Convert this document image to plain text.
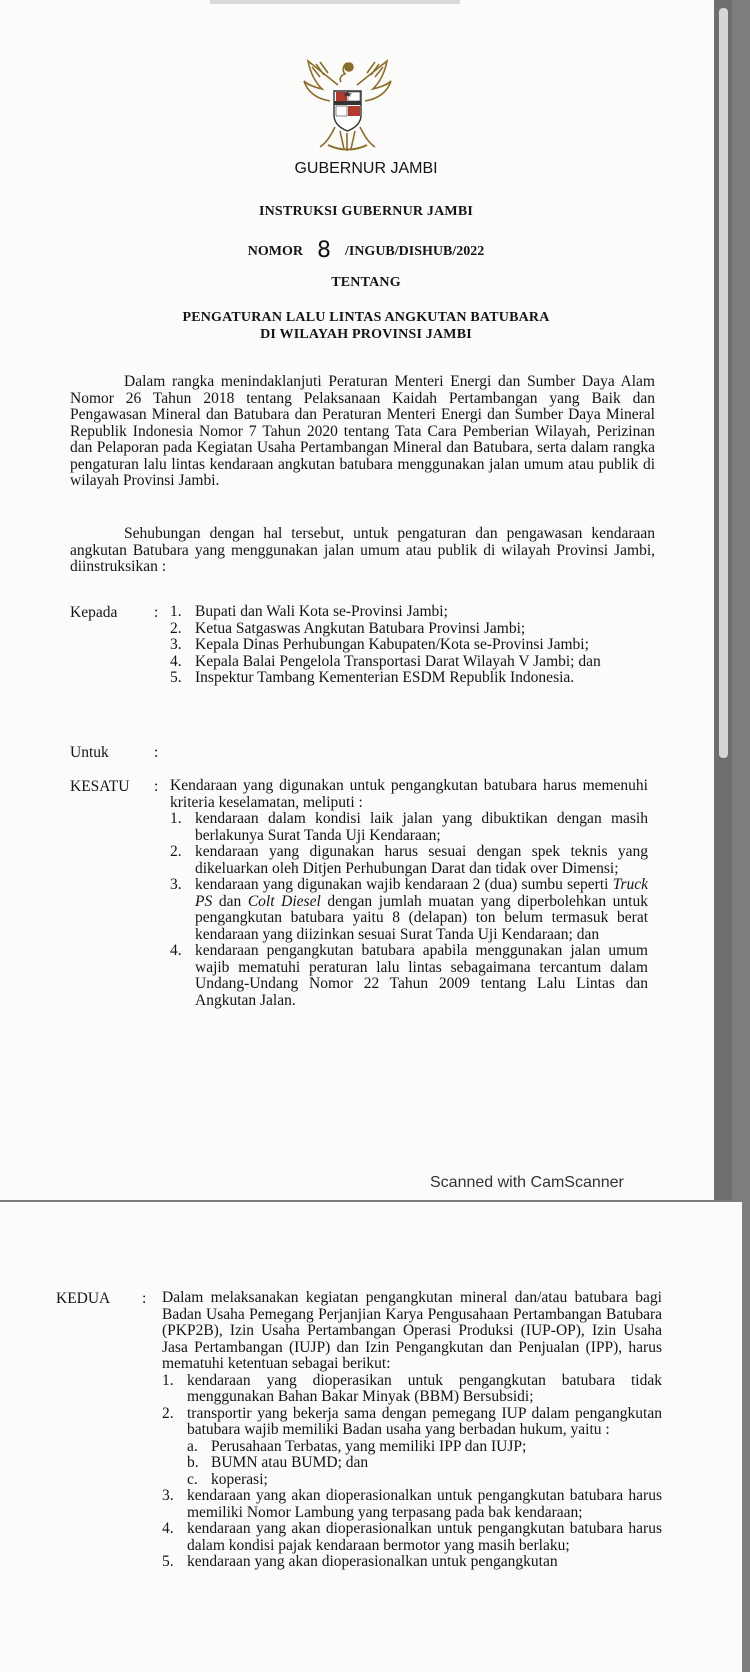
GUBERNUR JAMBI
INSTRUKSI GUBERNUR JAMBI
NOMOR 8 /INGUB/DISHUB/2022
TENTANG
PENGATURAN LALU LINTAS ANGKUTAN BATUBARA
DI WILAYAH PROVINSI JAMBI

Dalam rangka menindaklanjuti Peraturan Menteri Energi dan Sumber Daya Alam Nomor 26 Tahun 2018 tentang Pelaksanaan Kaidah Pertambangan yang Baik dan Pengawasan Mineral dan Batubara dan Peraturan Menteri Energi dan Sumber Daya Mineral Republik Indonesia Nomor 7 Tahun 2020 tentang Tata Cara Pemberian Wilayah, Perizinan dan Pelaporan pada Kegiatan Usaha Pertambangan Mineral dan Batubara, serta dalam rangka pengaturan lalu lintas kendaraan angkutan batubara menggunakan jalan umum atau publik di wilayah Provinsi Jambi.

Sehubungan dengan hal tersebut, untuk pengaturan dan pengawasan kendaraan angkutan Batubara yang menggunakan jalan umum atau publik di wilayah Provinsi Jambi, diinstruksikan :

Kepada : 1. Bupati dan Wali Kota se-Provinsi Jambi;
2. Ketua Satgaswas Angkutan Batubara Provinsi Jambi;
3. Kepala Dinas Perhubungan Kabupaten/Kota se-Provinsi Jambi;
4. Kepala Balai Pengelola Transportasi Darat Wilayah V Jambi; dan
5. Inspektur Tambang Kementerian ESDM Republik Indonesia.
Untuk	:
KESATU : Kendaraan yang digunakan untuk pengangkutan batubara harus memenuhi kriteria keselamatan, meliputi :
1. kendaraan dalam kondisi laik jalan yang dibuktikan dengan masih berlakunya Surat Tanda Uji Kendaraan;
2. kendaraan yang digunakan harus sesuai dengan spek teknis yang dikeluarkan oleh Ditjen Perhubungan Darat dan tidak over Dimensi;
3. kendaraan yang digunakan wajib kendaraan 2 (dua) sumbu seperti Truck PS dan Colt Diesel dengan jumlah muatan yang diperbolehkan untuk pengangkutan batubara yaitu 8 (delapan) ton belum termasuk berat kendaraan yang diizinkan sesuai Surat Tanda Uji Kendaraan; dan
4. kendaraan pengangkutan batubara apabila menggunakan jalan umum wajib mematuhi peraturan lalu lintas sebagaimana tercantum dalam Undang-Undang Nomor 22 Tahun 2009 tentang Lalu Lintas dan Angkutan Jalan.
Scanned with CamScanner
KEDUA : Dalam melaksanakan kegiatan pengangkutan mineral dan/atau batubara bagi Badan Usaha Pemegang Perjanjian Karya Pengusahaan Pertambangan Batubara (PKP2B), Izin Usaha Pertambangan Operasi Produksi (IUP-OP), Izin Usaha Jasa Pertambangan (IUJP) dan Izin Pengangkutan dan Penjualan (IPP), harus mematuhi ketentuan sebagai berikut:
1. kendaraan yang dioperasikan untuk pengangkutan batubara tidak menggunakan Bahan Bakar Minyak (BBM) Bersubsidi;
2. transportir yang bekerja sama dengan pemegang IUP dalam pengangkutan batubara wajib memiliki Badan usaha yang berbadan hukum, yaitu :
a. Perusahaan Terbatas, yang memiliki IPP dan IUJP;
b. BUMN atau BUMD; dan
c. koperasi;
3. kendaraan yang akan dioperasionalkan untuk pengangkutan batubara harus memiliki Nomor Lambung yang terpasang pada bak kendaraan;
4. kendaraan yang akan dioperasionalkan untuk pengangkutan batubara harus dalam kondisi pajak kendaraan bermotor yang masih berlaku;
5. kendaraan yang akan dioperasionalkan untuk pengangkutan
